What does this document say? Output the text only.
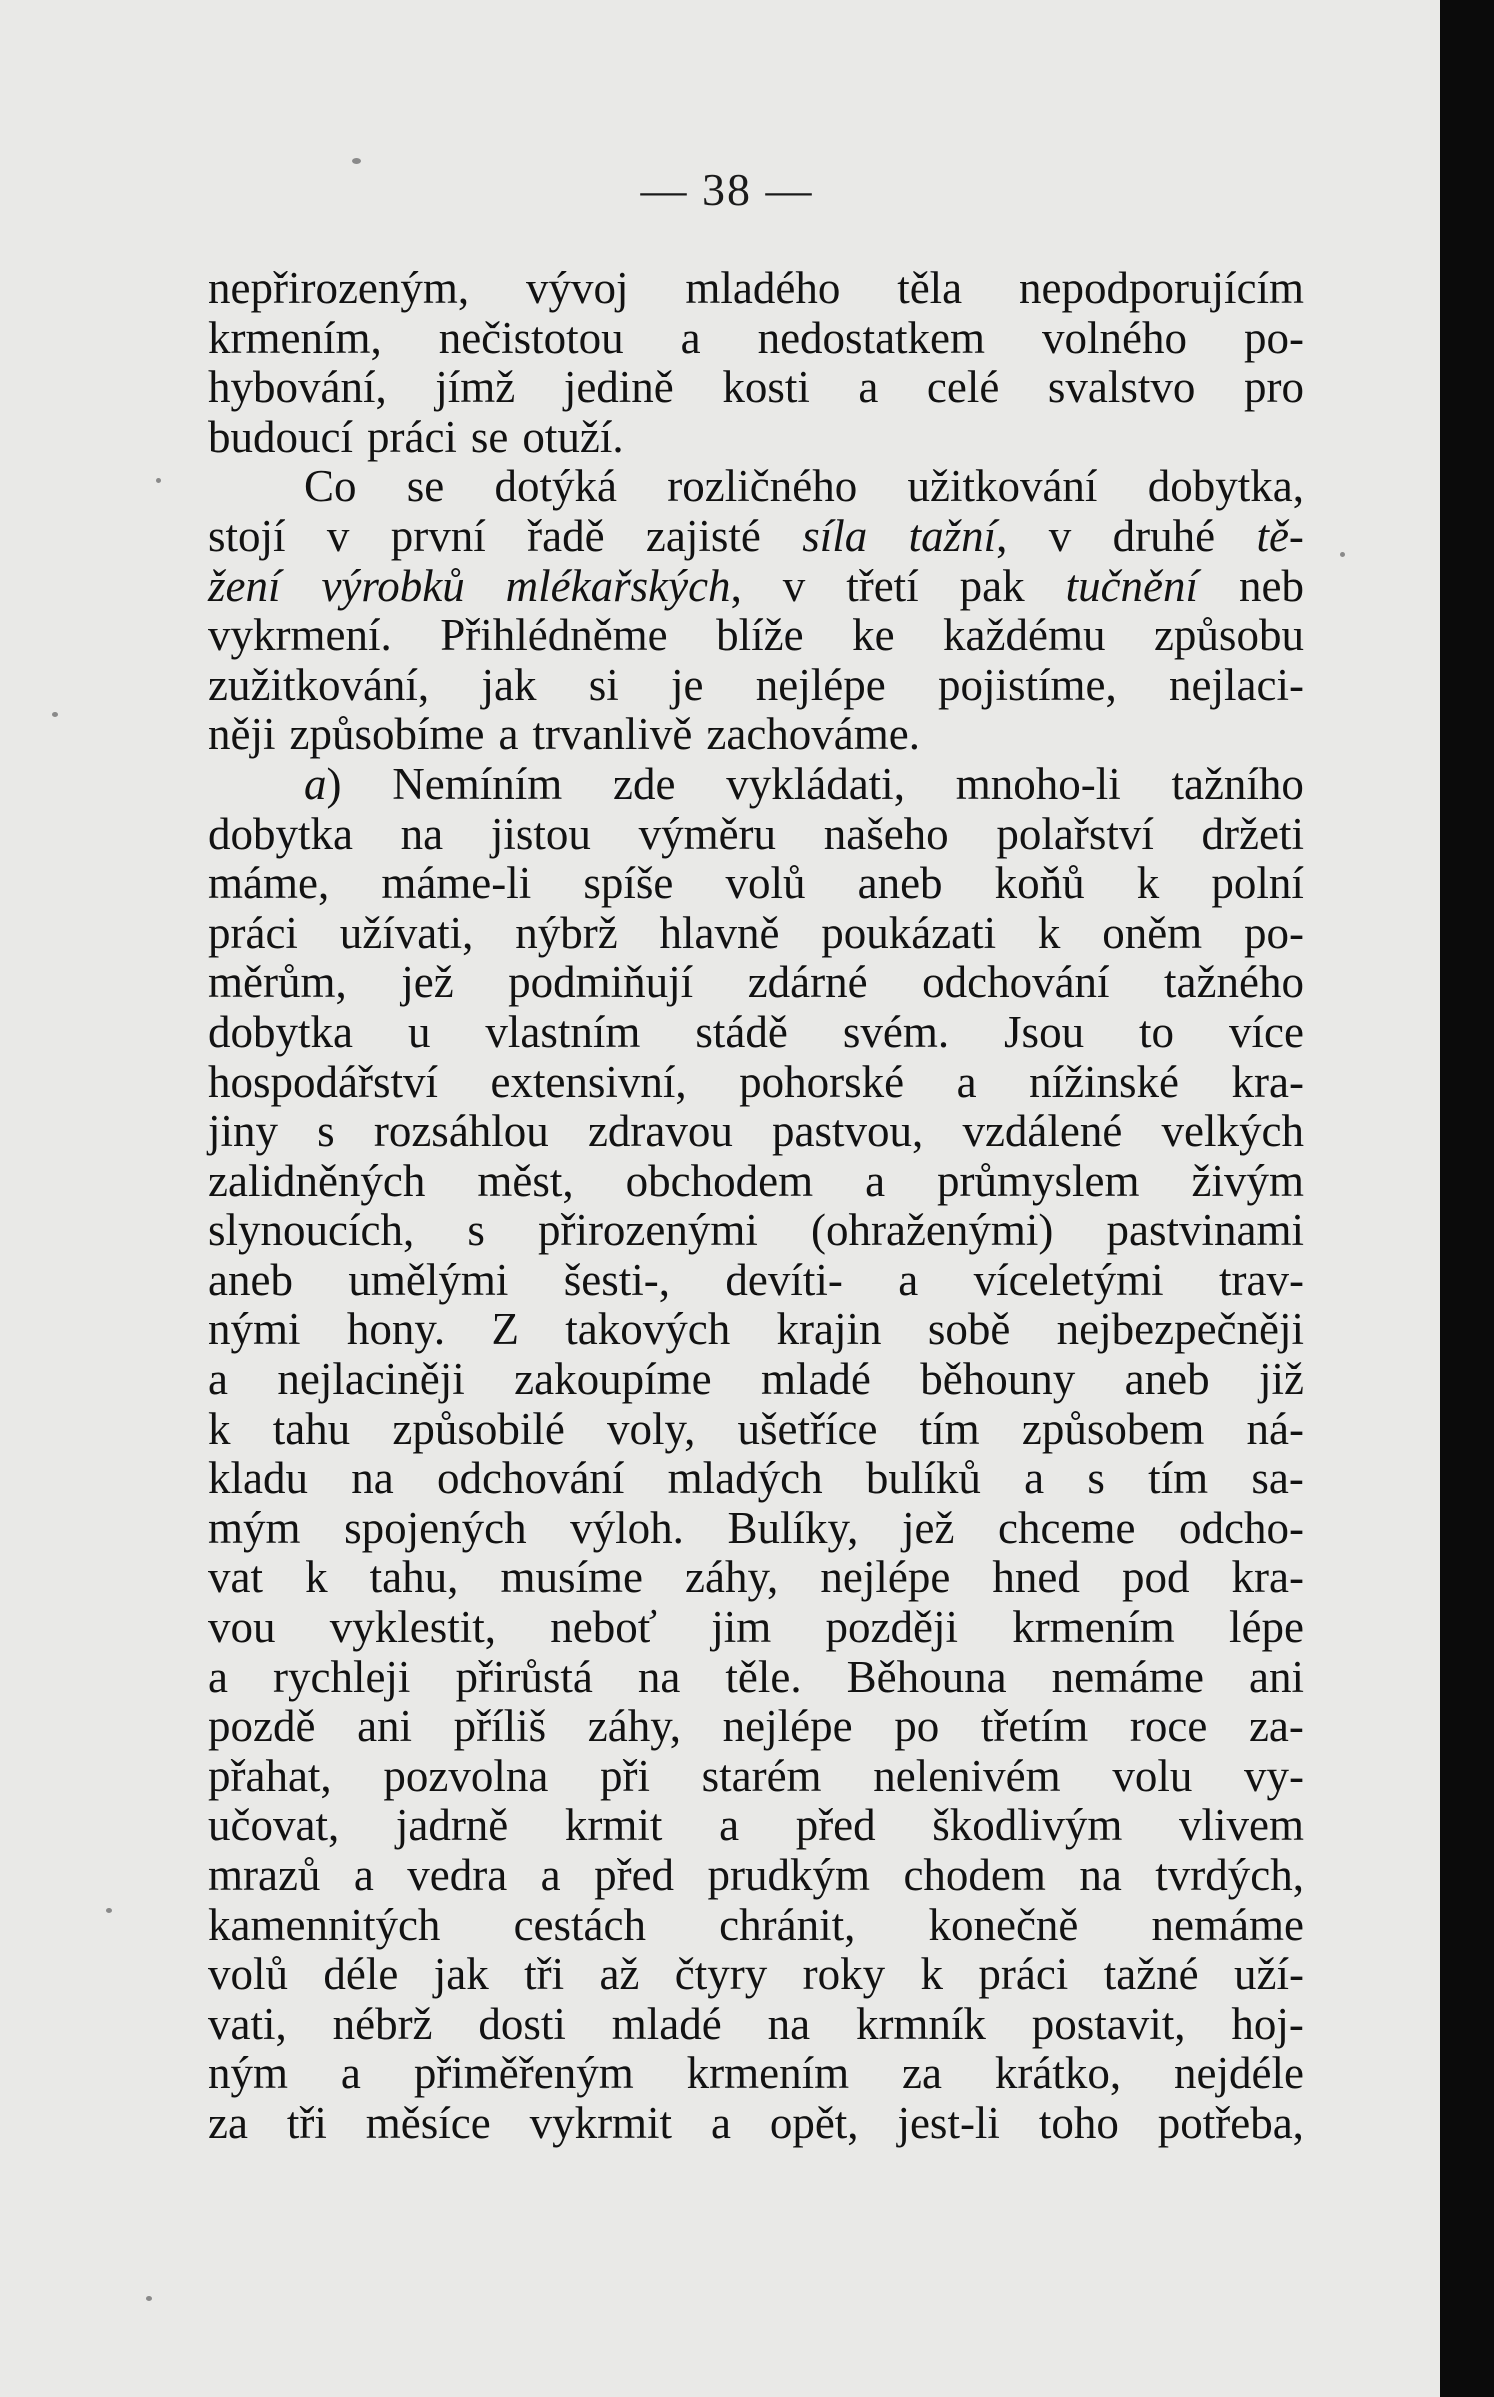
— 38 —
nepřirozeným, vývoj mladého těla nepodporujícím
krmením, nečistotou a nedostatkem volného po-
hybování, jímž jedině kosti a celé svalstvo pro
budoucí práci se otuží.
Co se dotýká rozličného užitkování dobytka,
stojí v první řadě zajisté síla tažní, v druhé tě-
žení výrobků mlékařských, v třetí pak tučnění neb
vykrmení. Přihlédněme blíže ke každému způsobu
zužitkování, jak si je nejlépe pojistíme, nejlaci-
něji způsobíme a trvanlivě zachováme.
a) Nemíním zde vykládati, mnoho-li tažního
dobytka na jistou výměru našeho polařství držeti
máme, máme-li spíše volů aneb koňů k polní
práci užívati, nýbrž hlavně poukázati k oněm po-
měrům, jež podmiňují zdárné odchování tažného
dobytka u vlastním stádě svém. Jsou to více
hospodářství extensivní, pohorské a nížinské kra-
jiny s rozsáhlou zdravou pastvou, vzdálené velkých
zalidněných měst, obchodem a průmyslem živým
slynoucích, s přirozenými (ohraženými) pastvinami
aneb umělými šesti-, devíti- a víceletými trav-
nými hony. Z takových krajin sobě nejbezpečněji
a nejlaciněji zakoupíme mladé běhouny aneb již
k tahu způsobilé voly, ušetříce tím způsobem ná-
kladu na odchování mladých bulíků a s tím sa-
mým spojených výloh. Bulíky, jež chceme odcho-
vat k tahu, musíme záhy, nejlépe hned pod kra-
vou vyklestit, neboť jim později krmením lépe
a rychleji přirůstá na těle. Běhouna nemáme ani
pozdě ani příliš záhy, nejlépe po třetím roce za-
přahat, pozvolna při starém nelenivém volu vy-
učovat, jadrně krmit a před škodlivým vlivem
mrazů a vedra a před prudkým chodem na tvrdých,
kamennitých cestách chránit, konečně nemáme
volů déle jak tři až čtyry roky k práci tažné uží-
vati, nébrž dosti mladé na krmník postavit, hoj-
ným a přiměřeným krmením za krátko, nejdéle
za tři měsíce vykrmit a opět, jest-li toho potřeba,
